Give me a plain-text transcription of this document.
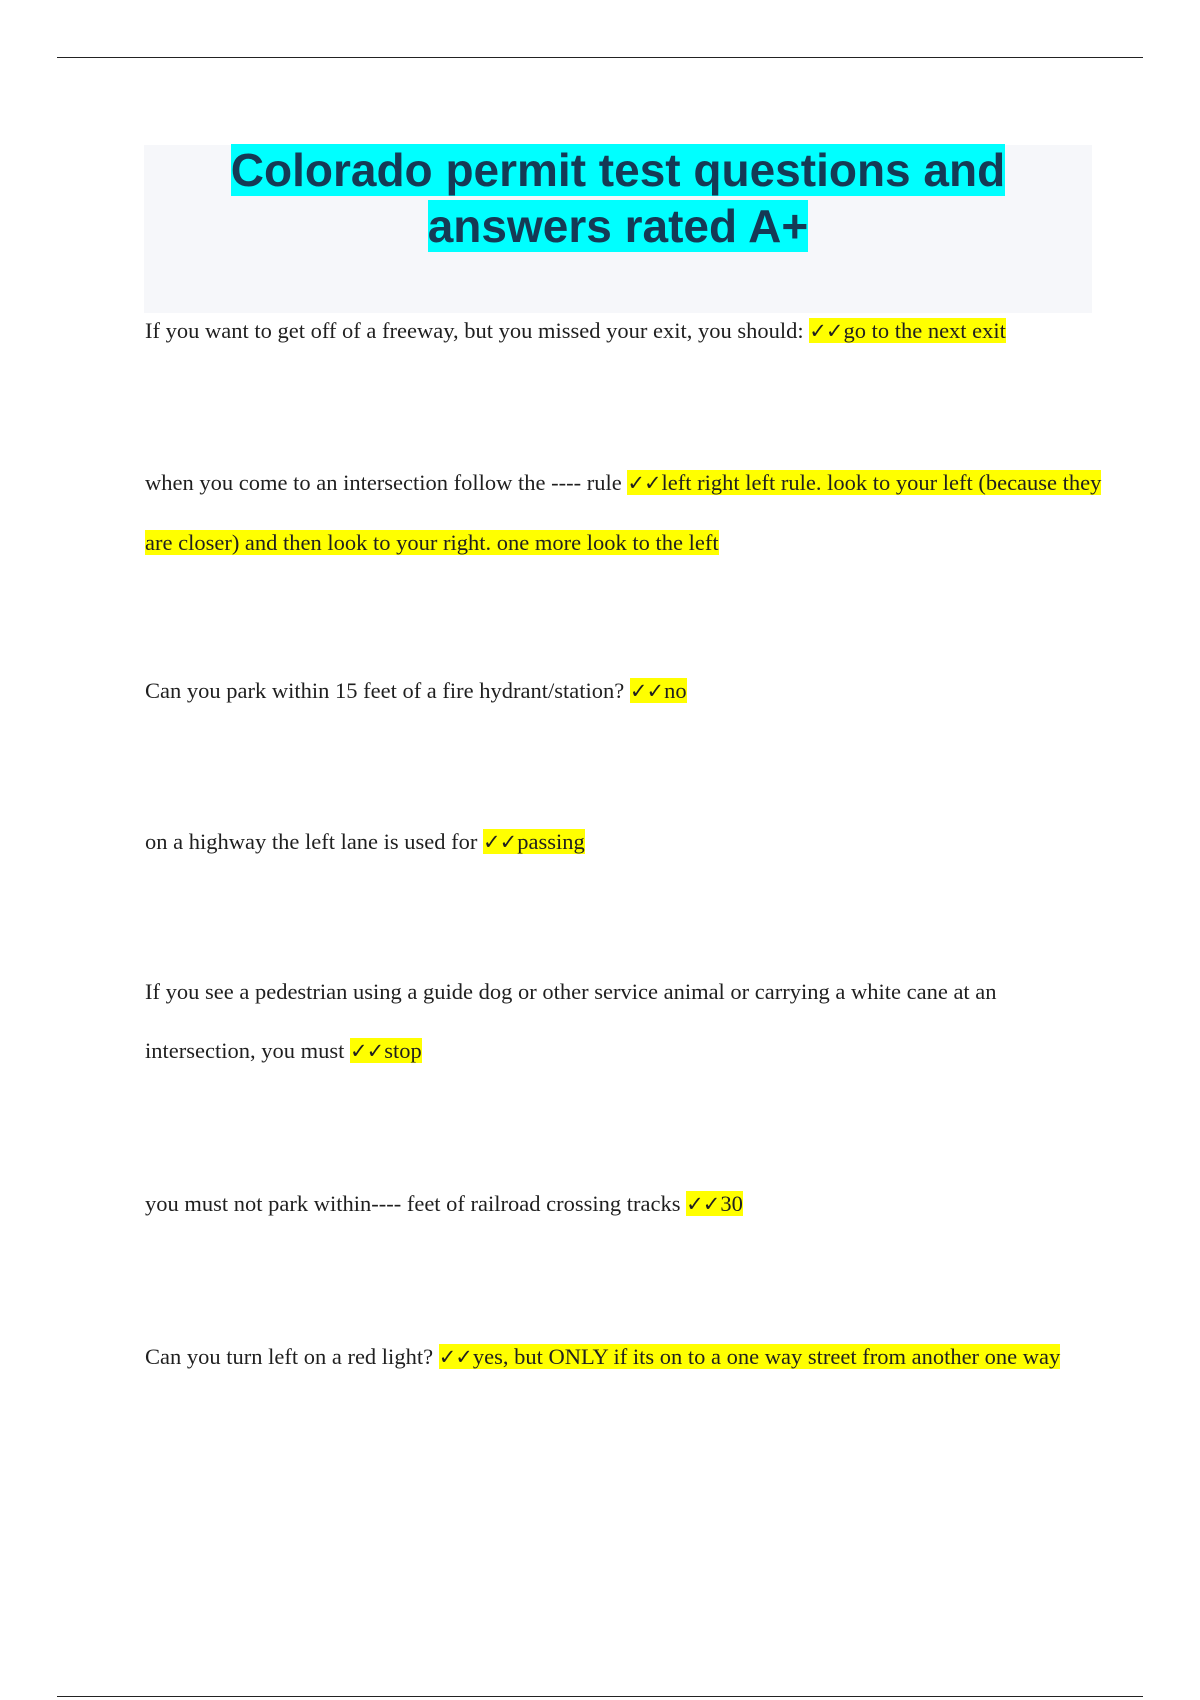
Colorado permit test questions and answers rated A+

If you want to get off of a freeway, but you missed your exit, you should: ✓✓go to the next exit

when you come to an intersection follow the ---- rule ✓✓left right left rule. look to your left (because they are closer) and then look to your right. one more look to the left

Can you park within 15 feet of a fire hydrant/station? ✓✓no

on a highway the left lane is used for ✓✓passing

If you see a pedestrian using a guide dog or other service animal or carrying a white cane at an intersection, you must ✓✓stop

you must not park within---- feet of railroad crossing tracks ✓✓30

Can you turn left on a red light? ✓✓yes, but ONLY if its on to a one way street from another one way
